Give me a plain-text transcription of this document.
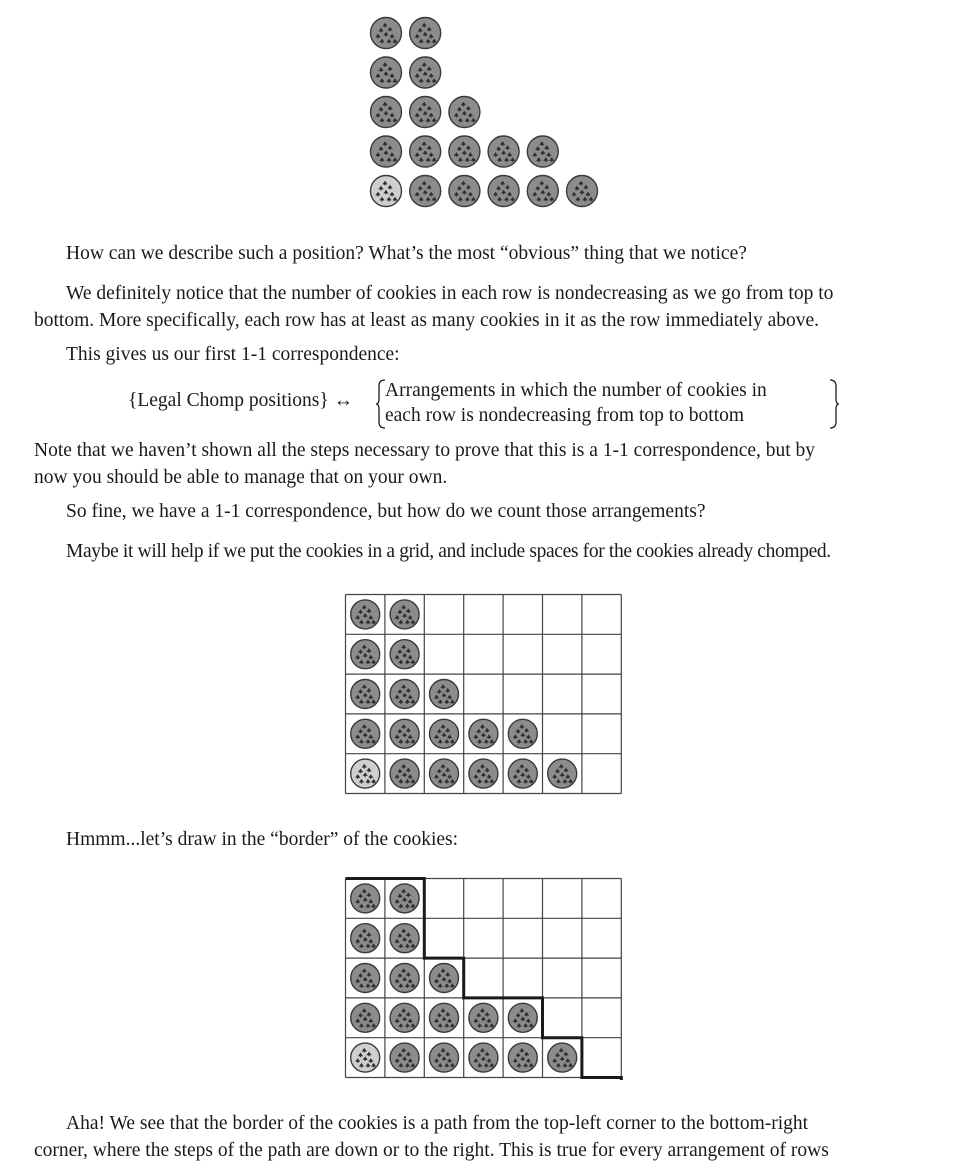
How can we describe such a position? What’s the most “obvious” thing that we notice?

We definitely notice that the number of cookies in each row is nondecreasing as we go from top to

bottom. More specifically, each row has at least as many cookies in it as the row immediately above.

This gives us our first 1-1 correspondence:

{Legal Chomp positions} ↔ Arrangements in which the number of cookies in
each row is nondecreasing from top to bottom

Note that we haven’t shown all the steps necessary to prove that this is a 1-1 correspondence, but by

now you should be able to manage that on your own.

So fine, we have a 1-1 correspondence, but how do we count those arrangements?

Maybe it will help if we put the cookies in a grid, and include spaces for the cookies already chomped.

Hmmm...let’s draw in the “border” of the cookies:

Aha! We see that the border of the cookies is a path from the top-left corner to the bottom-right

corner, where the steps of the path are down or to the right. This is true for every arrangement of rows
